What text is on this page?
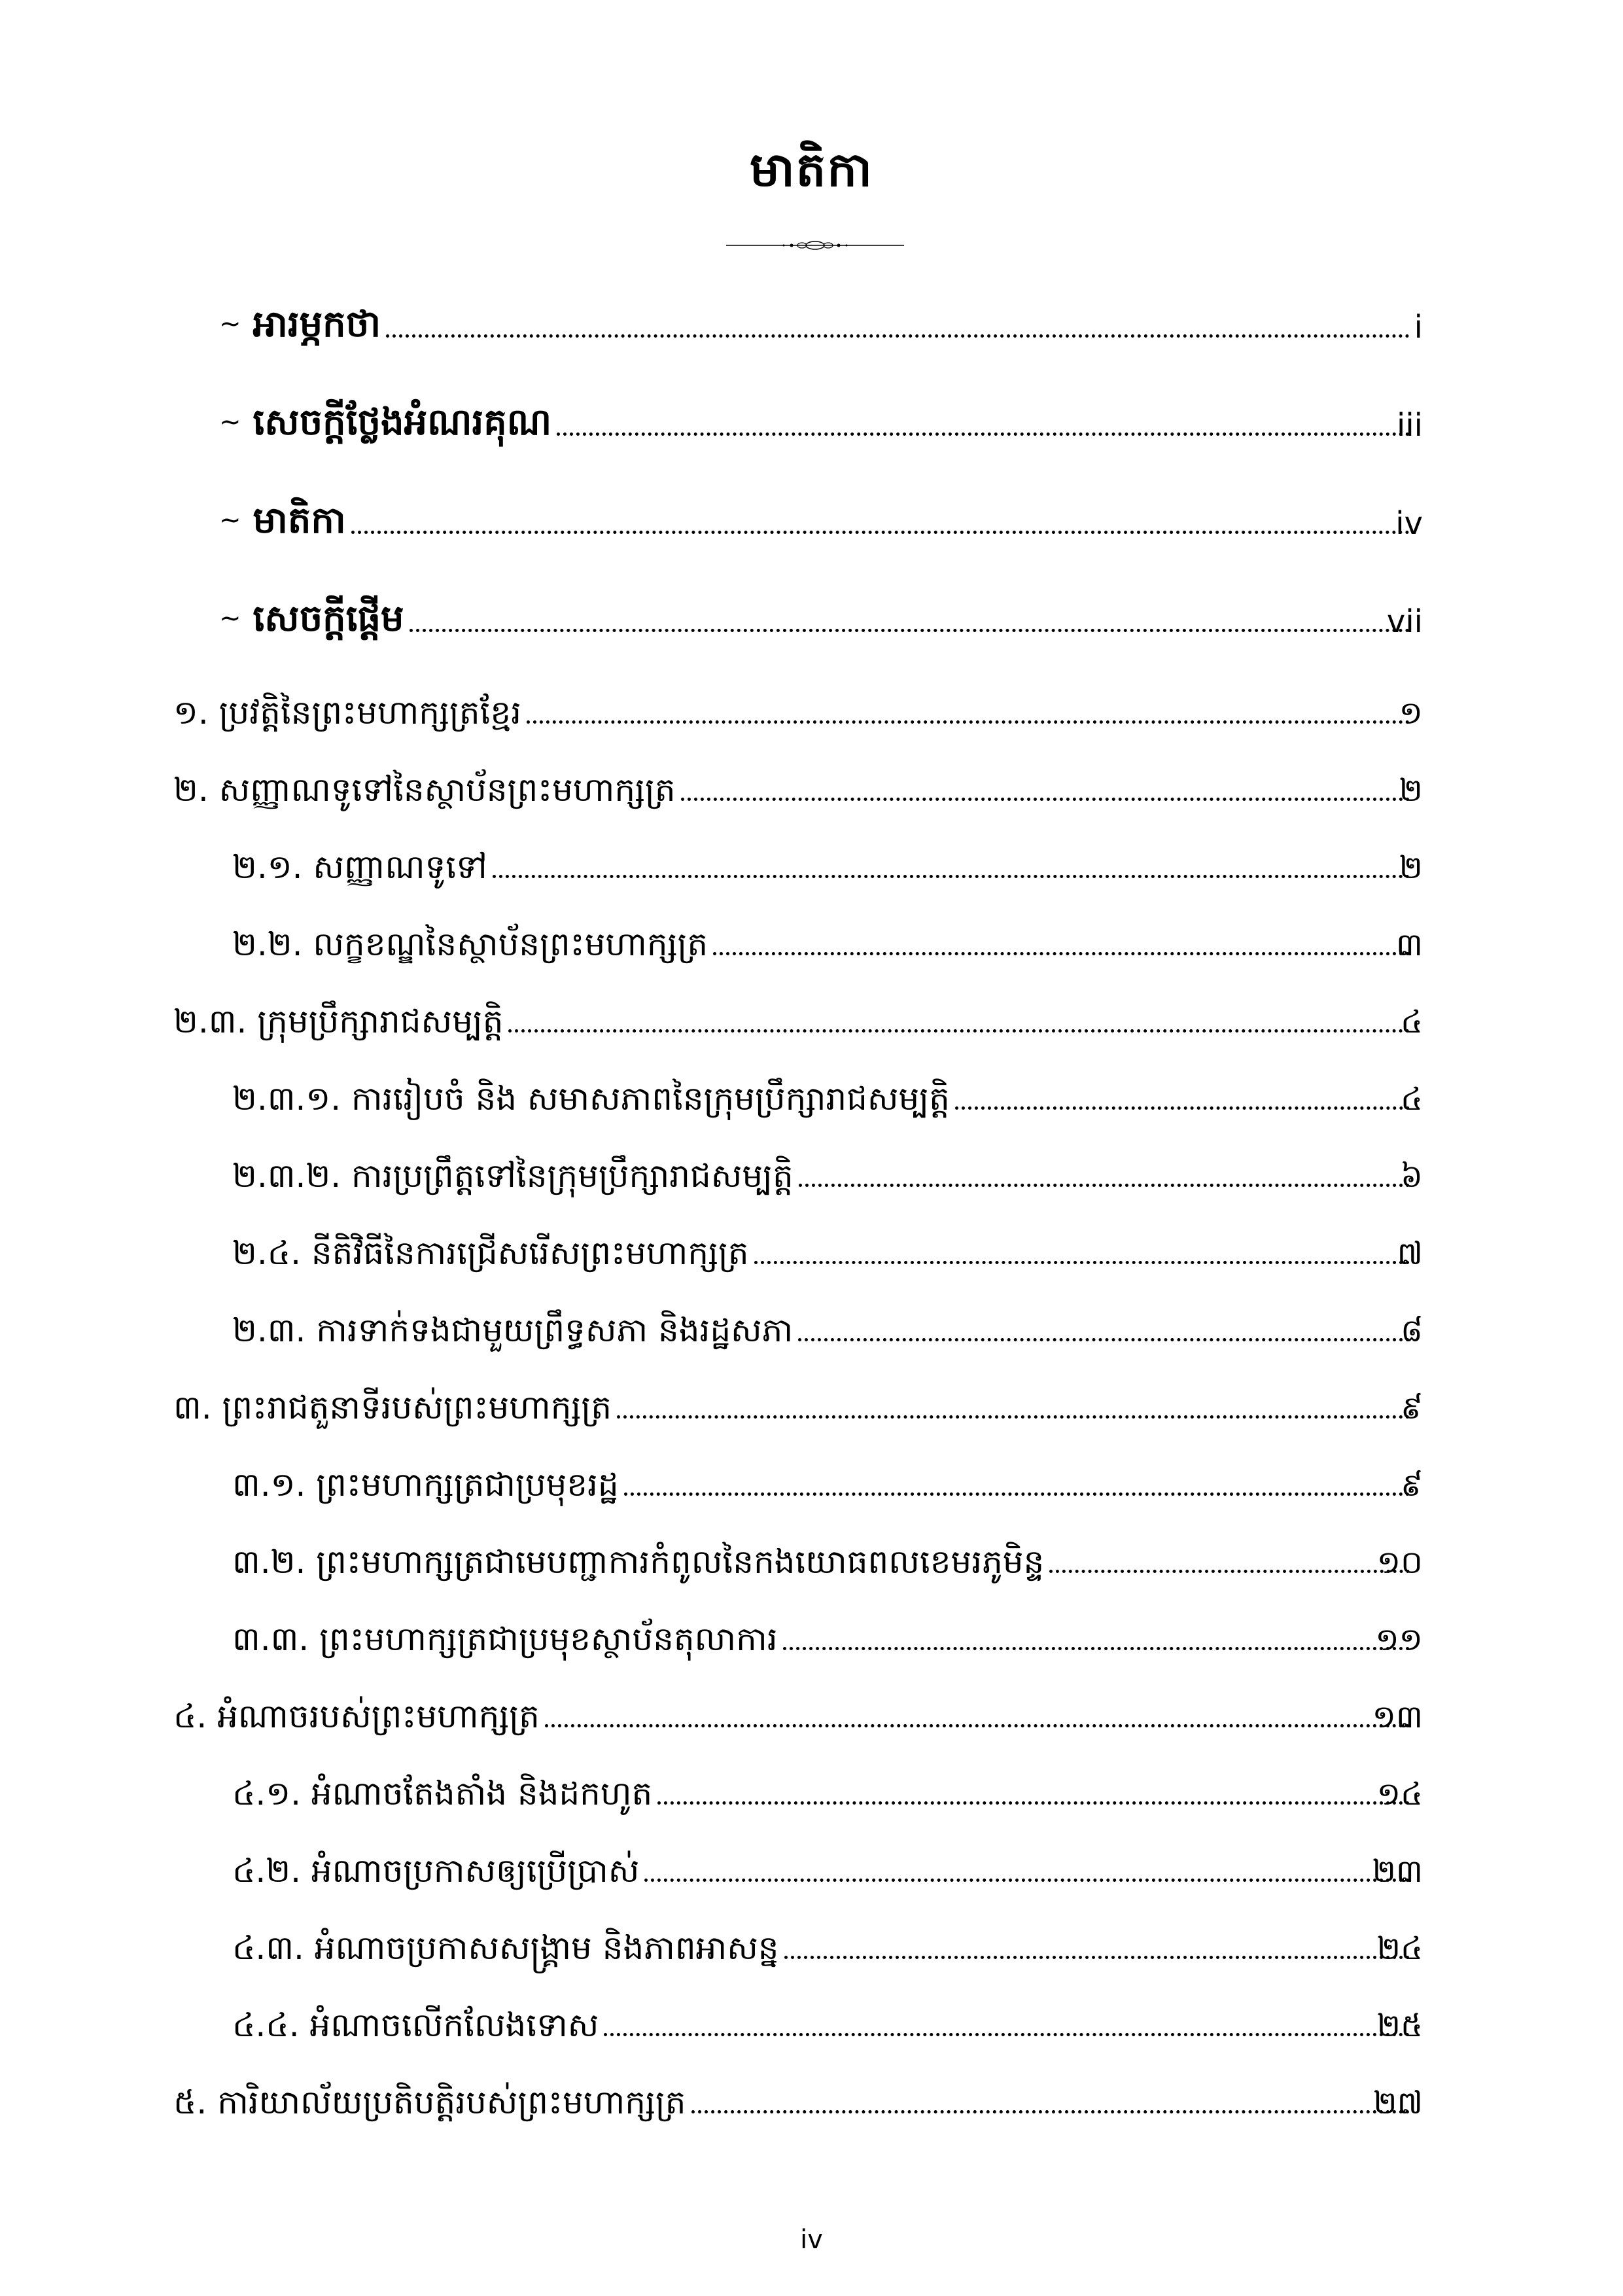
មាតិកា
~ អារម្ភកថា	i
~ សេចក្តីថ្លែងអំណរគុណ	iii
~ មាតិកា	iv
~ សេចក្តីផ្តើម	vii
១. ប្រវត្តិនៃព្រះមហាក្សត្រខ្មែរ	១
២. សញ្ញាណទូទៅនៃស្ថាប័នព្រះមហាក្សត្រ	២
២.១. សញ្ញាណទូទៅ	២
២.២. លក្ខខណ្ឌនៃស្ថាប័នព្រះមហាក្សត្រ	៣
២.៣. ក្រុមប្រឹក្សារាជសម្បត្តិ	៤
២.៣.១. ការរៀបចំ និង សមាសភាពនៃក្រុមប្រឹក្សារាជសម្បត្តិ	៤
២.៣.២. ការប្រព្រឹត្តទៅនៃក្រុមប្រឹក្សារាជសម្បត្តិ	៦
២.៤. នីតិវិធីនៃការជ្រើសរើសព្រះមហាក្សត្រ	៧
២.៣. ការទាក់ទងជាមួយព្រឹទ្ធសភា និងរដ្ឋសភា	៨
៣. ព្រះរាជតួនាទីរបស់ព្រះមហាក្សត្រ	៩
៣.១. ព្រះមហាក្សត្រជាប្រមុខរដ្ឋ	៩
៣.២. ព្រះមហាក្សត្រជាមេបញ្ជាការកំពូលនៃកងយោធពលខេមរភូមិន្ទ	១០
៣.៣. ព្រះមហាក្សត្រជាប្រមុខស្ថាប័នតុលាការ	១១
៤. អំណាចរបស់ព្រះមហាក្សត្រ	១៣
៤.១. អំណាចតែងតាំង និងដកហូត	១៤
៤.២. អំណាចប្រកាសឲ្យប្រើប្រាស់	២៣
៤.៣. អំណាចប្រកាសសង្គ្រាម និងភាពអាសន្ន	២៤
៤.៤. អំណាចលើកលែងទោស	២៥
៥. ការិយាល័យប្រតិបត្តិរបស់ព្រះមហាក្សត្រ	២៧
iv
